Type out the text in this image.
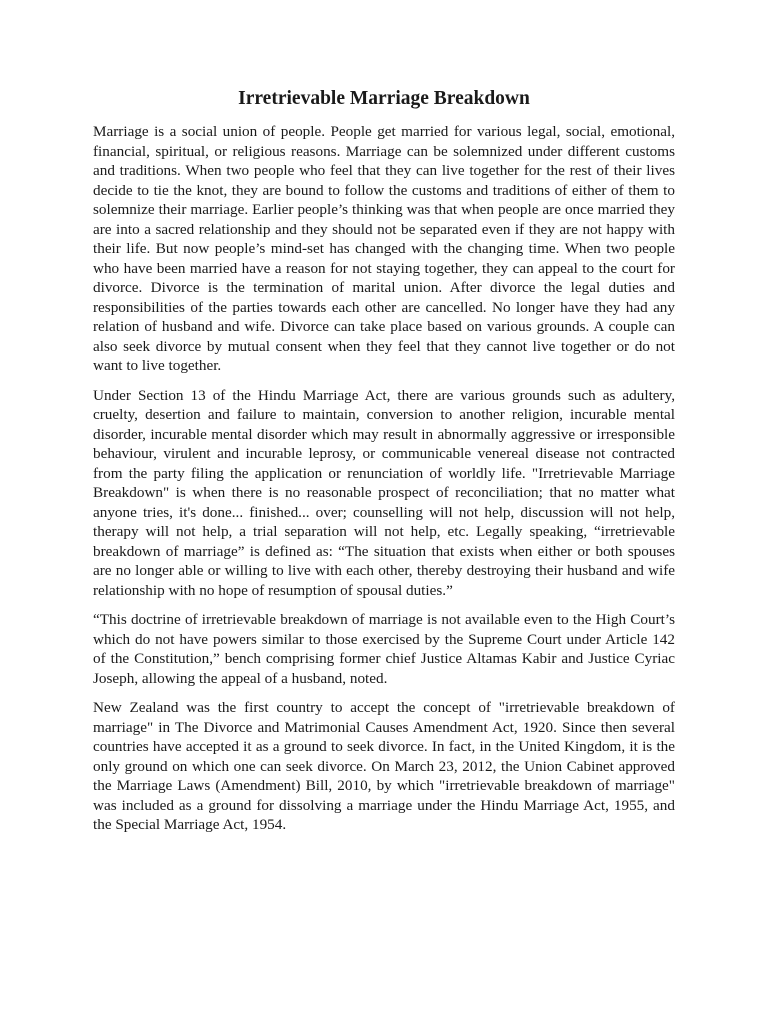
Irretrievable Marriage Breakdown

Marriage is a social union of people. People get married for various legal, social, emotional, financial, spiritual, or religious reasons. Marriage can be solemnized under different customs and traditions. When two people who feel that they can live together for the rest of their lives decide to tie the knot, they are bound to follow the customs and traditions of either of them to solemnize their marriage. Earlier people’s thinking was that when people are once married they are into a sacred relationship and they should not be separated even if they are not happy with their life. But now people’s mind-set has changed with the changing time. When two people who have been married have a reason for not staying together, they can appeal to the court for divorce. Divorce is the termination of marital union. After divorce the legal duties and responsibilities of the parties towards each other are cancelled. No longer have they had any relation of husband and wife. Divorce can take place based on various grounds. A couple can also seek divorce by mutual consent when they feel that they cannot live together or do not want to live together.

Under Section 13 of the Hindu Marriage Act, there are various grounds such as adultery, cruelty, desertion and failure to maintain, conversion to another religion, incurable mental disorder, incurable mental disorder which may result in abnormally aggressive or irresponsible behaviour, virulent and incurable leprosy, or communicable venereal disease not contracted from the party filing the application or renunciation of worldly life. "Irretrievable Marriage Breakdown" is when there is no reasonable prospect of reconciliation; that no matter what anyone tries, it's done... finished... over; counselling will not help, discussion will not help, therapy will not help, a trial separation will not help, etc. Legally speaking, “irretrievable breakdown of marriage” is defined as: “The situation that exists when either or both spouses are no longer able or willing to live with each other, thereby destroying their husband and wife relationship with no hope of resumption of spousal duties.”

“This doctrine of irretrievable breakdown of marriage is not available even to the High Court’s which do not have powers similar to those exercised by the Supreme Court under Article 142 of the Constitution,” bench comprising former chief Justice Altamas Kabir and Justice Cyriac Joseph, allowing the appeal of a husband, noted.

New Zealand was the first country to accept the concept of "irretrievable breakdown of marriage" in The Divorce and Matrimonial Causes Amendment Act, 1920. Since then several countries have accepted it as a ground to seek divorce. In fact, in the United Kingdom, it is the only ground on which one can seek divorce. On March 23, 2012, the Union Cabinet approved the Marriage Laws (Amendment) Bill, 2010, by which "irretrievable breakdown of marriage" was included as a ground for dissolving a marriage under the Hindu Marriage Act, 1955, and the Special Marriage Act, 1954.
